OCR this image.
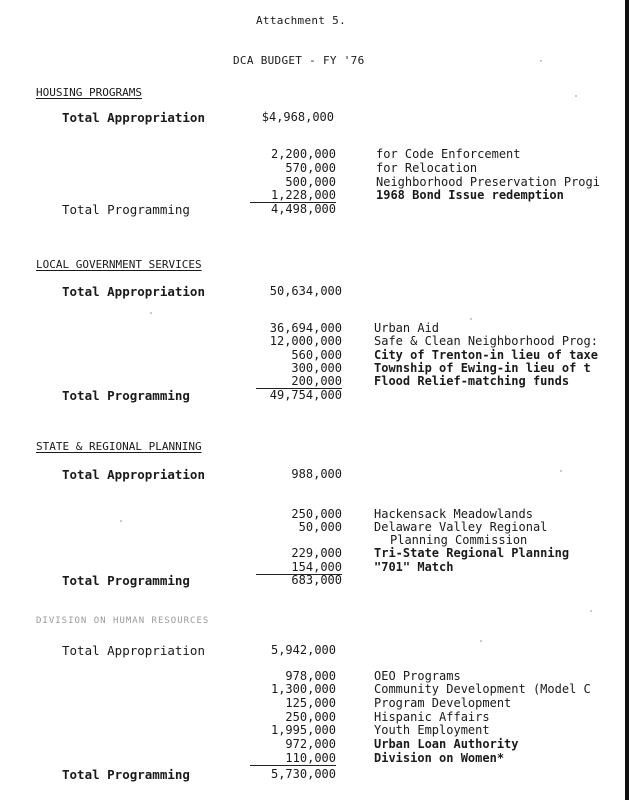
Attachment 5.
DCA BUDGET - FY '76
HOUSING PROGRAMS
Total Appropriation	$4,968,000
2,200,000	for Code Enforcement
570,000	for Relocation
500,000	Neighborhood Preservation Progi
1,228,000	1968 Bond Issue redemption
Total Programming	4,498,000
LOCAL GOVERNMENT SERVICES
Total Appropriation	50,634,000
36,694,000	Urban Aid
12,000,000	Safe & Clean Neighborhood Prog:
560,000	City of Trenton-in lieu of taxe
300,000	Township of Ewing-in lieu of t
200,000	Flood Relief-matching funds
Total Programming	49,754,000
STATE & REGIONAL PLANNING
Total Appropriation	988,000
250,000	Hackensack Meadowlands
50,000	Delaware Valley Regional
Planning Commission
229,000	Tri-State Regional Planning
154,000	"701" Match
Total Programming	683,000
DIVISION ON HUMAN RESOURCES
Total Appropriation	5,942,000
978,000	OEO Programs
1,300,000	Community Development (Model C
125,000	Program Development
250,000	Hispanic Affairs
1,995,000	Youth Employment
972,000	Urban Loan Authority
110,000	Division on Women*
Total Programming	5,730,000
